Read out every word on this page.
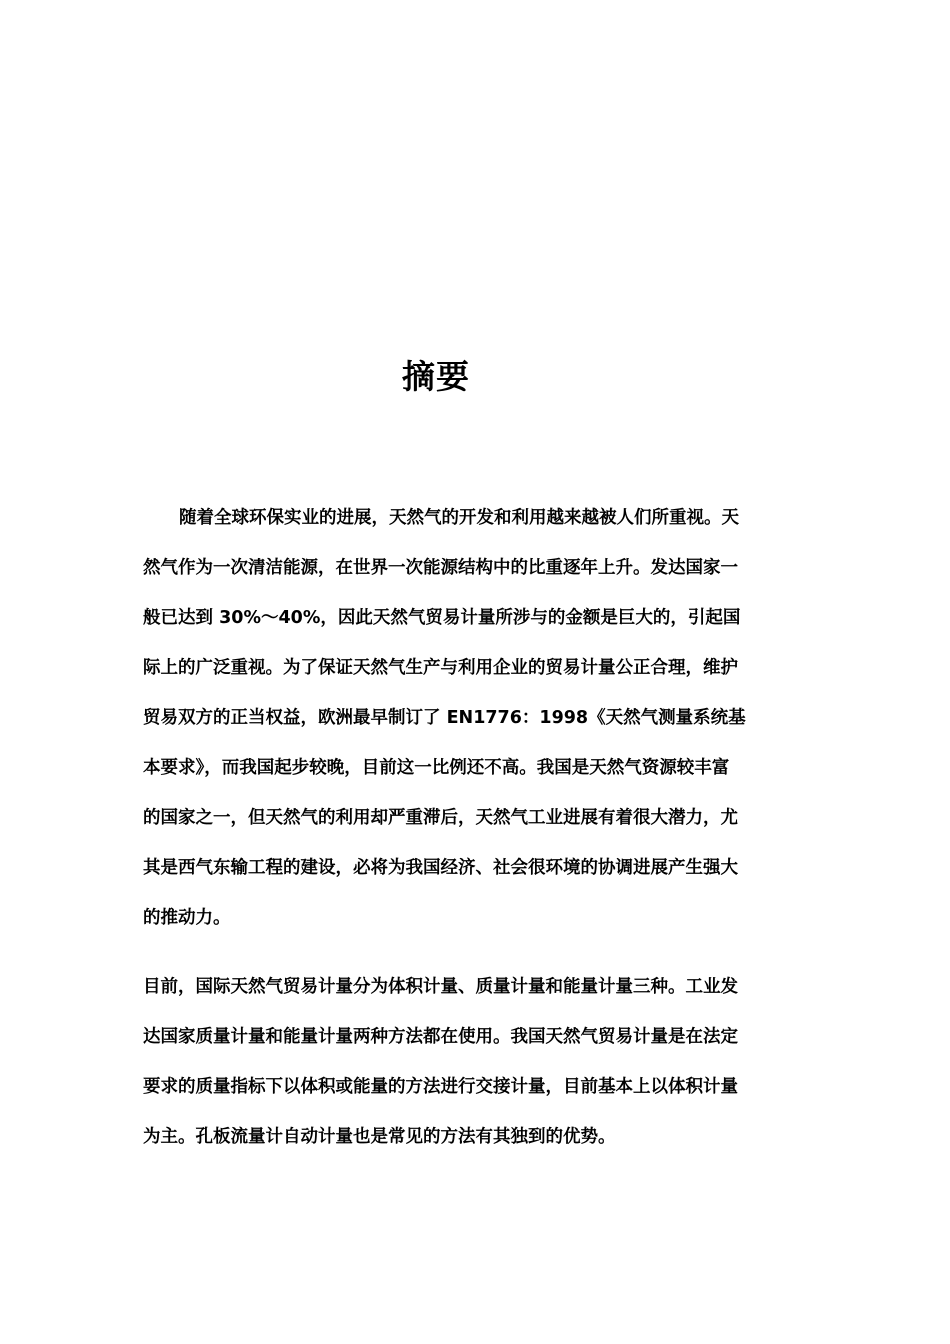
摘要
随着全球环保实业的进展，天然气的开发和利用越来越被人们所重视。天
然气作为一次清洁能源，在世界一次能源结构中的比重逐年上升。发达国家一
般已达到 30%～40%，因此天然气贸易计量所涉与的金额是巨大的，引起国
际上的广泛重视。为了保证天然气生产与利用企业的贸易计量公正合理，维护
贸易双方的正当权益，欧洲最早制订了 EN1776：1998《天然气测量系统基
本要求》，而我国起步较晚，目前这一比例还不高。我国是天然气资源较丰富
的国家之一，但天然气的利用却严重滞后，天然气工业进展有着很大潜力，尤
其是西气东输工程的建设，必将为我国经济、社会很环境的协调进展产生强大
的推动力。
目前，国际天然气贸易计量分为体积计量、质量计量和能量计量三种。工业发
达国家质量计量和能量计量两种方法都在使用。我国天然气贸易计量是在法定
要求的质量指标下以体积或能量的方法进行交接计量，目前基本上以体积计量
为主。孔板流量计自动计量也是常见的方法有其独到的优势。
